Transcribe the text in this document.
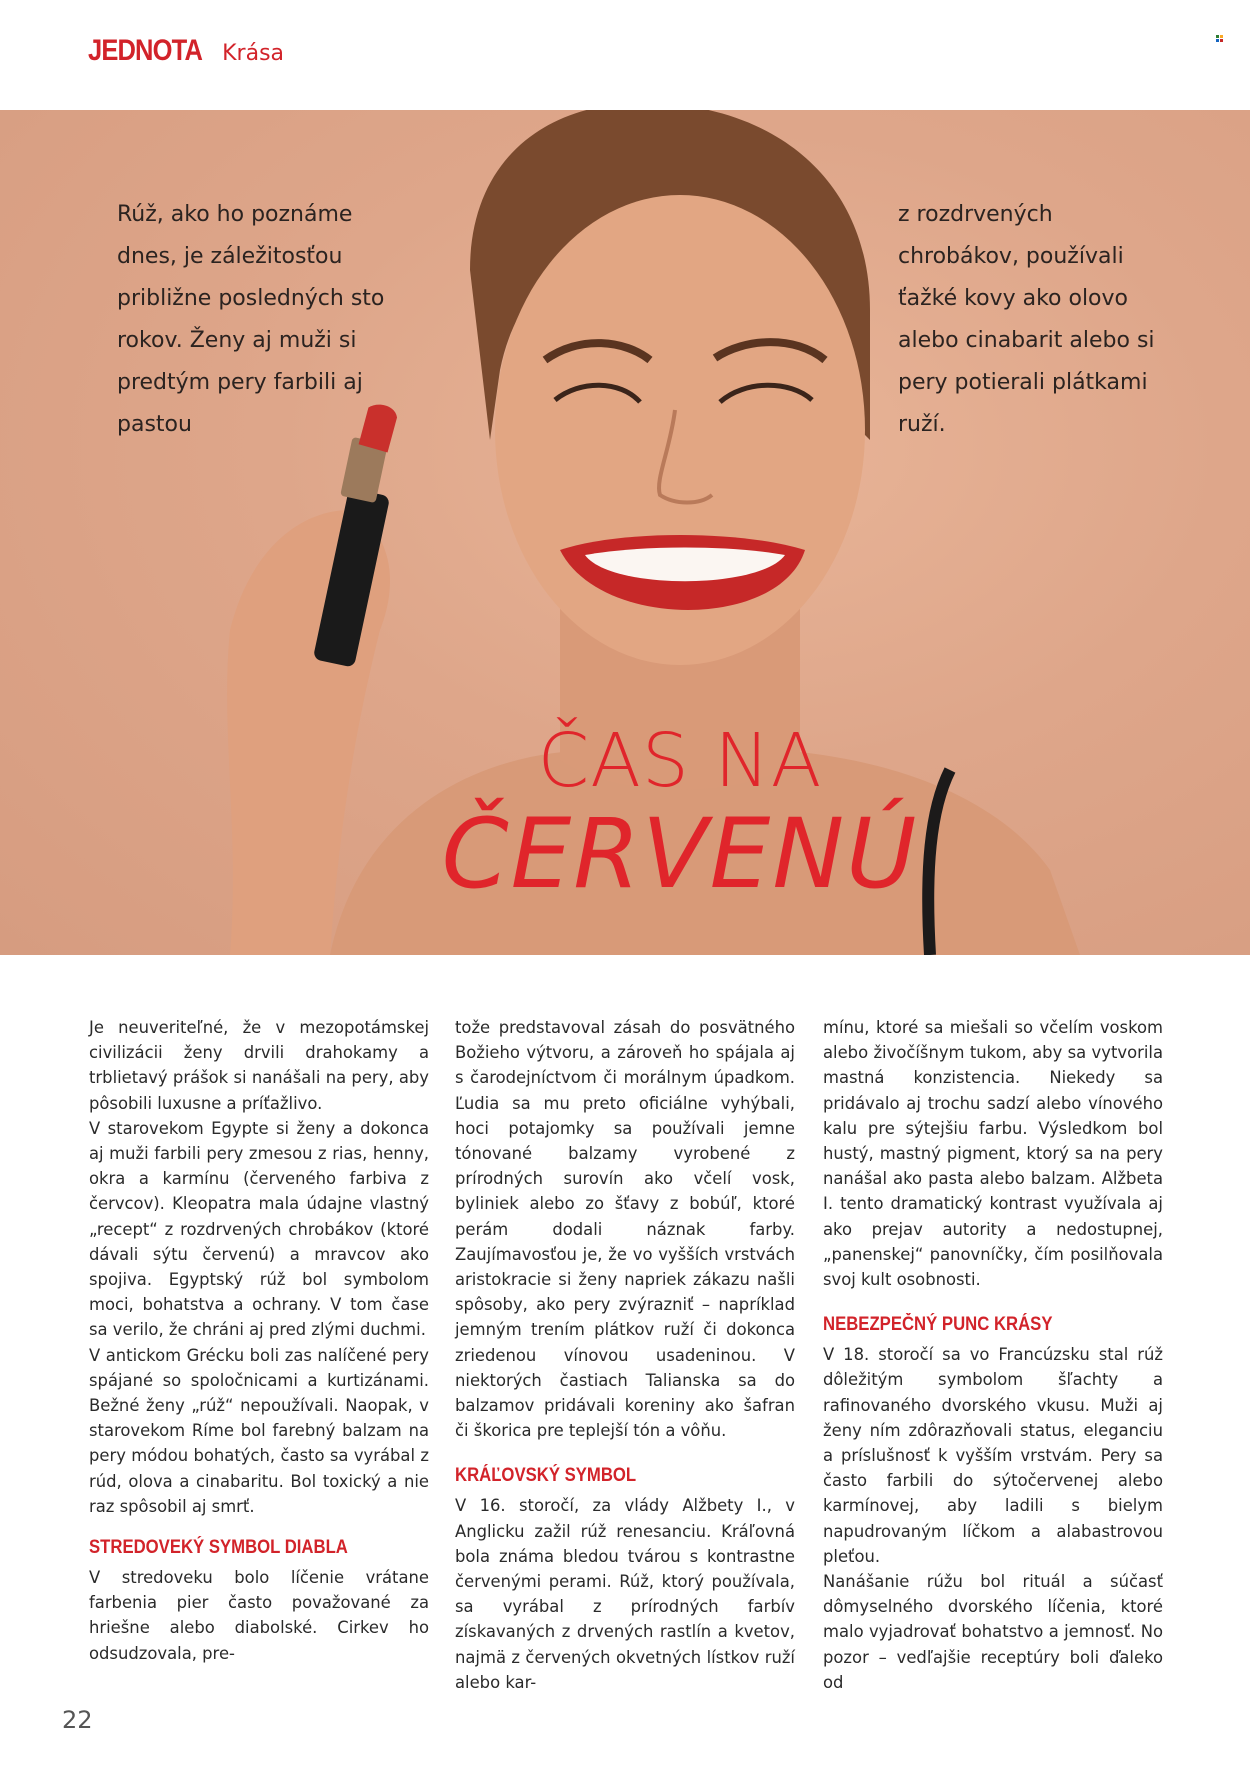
JEDNOTA Krása
Rúž, ako ho poznáme dnes, je záležitosťou približne posledných sto rokov. Ženy aj muži si predtým pery farbili aj pastou
z rozdrvených chrobákov, používali ťažké kovy ako olovo alebo cinabarit alebo si pery potierali plátkami ruží.
ČAS NA
ČERVENÚ

Je neuveriteľné, že v mezopotámskej civilizácii ženy drvili drahokamy a trblietavý prášok si nanášali na pery, aby pôsobili luxusne a príťažlivo.

V starovekom Egypte si ženy a dokonca aj muži farbili pery zmesou z rias, henny, okra a karmínu (červeného farbiva z červcov). Kleopatra mala údajne vlastný „recept“ z rozdrvených chrobákov (ktoré dávali sýtu červenú) a mravcov ako spojiva. Egyptský rúž bol symbolom moci, bohatstva a ochrany. V tom čase sa verilo, že chráni aj pred zlými duchmi.

V antickom Grécku boli zas nalíčené pery spájané so spoločnicami a kurtizánami. Bežné ženy „rúž“ nepoužívali. Naopak, v starovekom Ríme bol farebný balzam na pery módou bohatých, často sa vyrábal z rúd, olova a cinabaritu. Bol toxický a nie raz spôsobil aj smrť.

STREDOVEKÝ SYMBOL DIABLA

V stredoveku bolo líčenie vrátane farbenia pier často považované za hriešne alebo diabolské. Cirkev ho odsudzovala, pre-

tože predstavoval zásah do posvätného Božieho výtvoru, a zároveň ho spájala aj s čarodejníctvom či morálnym úpadkom. Ľudia sa mu preto oficiálne vyhýbali, hoci potajomky sa používali jemne tónované balzamy vyrobené z prírodných surovín ako včelí vosk, byliniek alebo zo šťavy z bobúľ, ktoré perám dodali náznak farby. Zaujímavosťou je, že vo vyšších vrstvách aristokracie si ženy napriek zákazu našli spôsoby, ako pery zvýrazniť – napríklad jemným trením plátkov ruží či dokonca zriedenou vínovou usadeninou. V niektorých častiach Talianska sa do balzamov pridávali koreniny ako šafran či škorica pre teplejší tón a vôňu.

KRÁĽOVSKÝ SYMBOL

V 16. storočí, za vlády Alžbety I., v Anglicku zažil rúž renesanciu. Kráľovná bola známa bledou tvárou s kontrastne červenými perami. Rúž, ktorý používala, sa vyrábal z prírodných farbív získavaných z drvených rastlín a kvetov, najmä z červených okvetných lístkov ruží alebo kar-

mínu, ktoré sa miešali so včelím voskom alebo živočíšnym tukom, aby sa vytvorila mastná konzistencia. Niekedy sa pridávalo aj trochu sadzí alebo vínového kalu pre sýtejšiu farbu. Výsledkom bol hustý, mastný pigment, ktorý sa na pery nanášal ako pasta alebo balzam. Alžbeta I. tento dramatický kontrast využívala aj ako prejav autority a nedostupnej, „panenskej“ panovníčky, čím posilňovala svoj kult osobnosti.

NEBEZPEČNÝ PUNC KRÁSY

V 18. storočí sa vo Francúzsku stal rúž dôležitým symbolom šľachty a rafinovaného dvorského vkusu. Muži aj ženy ním zdôrazňovali status, eleganciu a príslušnosť k vyšším vrstvám. Pery sa často farbili do sýtočervenej alebo karmínovej, aby ladili s bielym napudrovaným líčkom a alabastrovou pleťou.

Nanášanie rúžu bol rituál a súčasť dômyselného dvorského líčenia, ktoré malo vyjadrovať bohatstvo a jemnosť. No pozor – vedľajšie receptúry boli ďaleko od

22
